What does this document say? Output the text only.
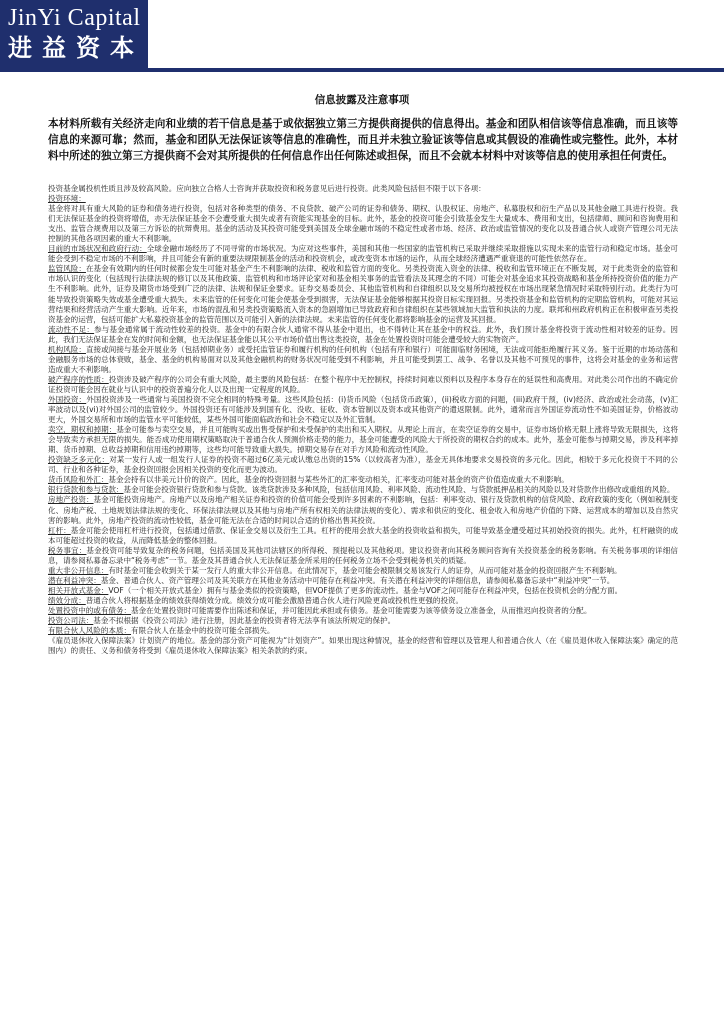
JinYi Capital
进益资本
信息披露及注意事项
本材料所载有关经济走向和业绩的若干信息是基于或依据独立第三方提供商提供的信息得出。基金和团队相信该等信息准确，而且该等信息的来源可靠；然而，基金和团队无法保证该等信息的准确性，而且并未独立验证该等信息或其假设的准确性或完整性。此外，本材料中所述的独立第三方提供商不会对其所提供的任何信息作出任何陈述或担保，而且不会就本材料中对该等信息的使用承担任何责任。

投资基金属投机性质且涉及较高风险。应向独立合格人士咨询并获取投资和税务意见后进行投资。此类风险包括但不限于以下各项：

投资环境：

基金将对具有重大风险的证券和债务进行投资，包括对各种类型的债务、不良贷款、破产公司的证券和债务、期权、认股权证、房地产、私募股权和衍生产品以及其他金融工具进行投资。我们无法保证基金的投资将增值，亦无法保证基金不会遭受重大损失或者有资能实现基金的目标。此外，基金的投资可能会引致基金发生大量成本、费用和支出，包括律师、顾问和咨询费用和支出、监管合规费用以及第三方诉讼的抗辩费用。基金的活动及其投资可能受到美国及全球金融市场的不稳定性或者市场、经济、政治或监管情况的变化以及普通合伙人或资产管理公司无法控制的其他各项因素的重大不利影响。

目前的市场状况和政府行动：全球金融市场经历了不同寻常的市场状况。为应对这些事件，美国和其他一些国家的监管机构已采取并继续采取措施以实现未来的监管行动和稳定市场。基金可能会受到不稳定市场的不利影响，并且可能会有新的重要法规限制基金的活动和投资机会，或改变资本市场的运作，从而全球经济遭遇严重衰退的可能性依然存在。

监管风险：在基金有效期内的任何时候都会发生可能对基金产生不利影响的法律、税收和监管方面的变化。另类投资流入资金的法律、税收和监管环境正在不断发展，对于此类资金的监管和市场认识的变化（包括现行法律法规的修订以及其他政策、监管机构和市场评论家对和基金相关事务的监管看法及其理念的不同）可能会对基金追求其投资战略和基金所持投资价值的能力产生不利影响。此外，证券及期货市场受到广泛的法律、法规和保证金要求。证券交易委员会、其他监管机构和自律组织以及交易所均被授权在市场出现紧急情况时采取特别行动。此类行为可能导致投资策略失效或基金遭受重大损失。未来监管的任何变化可能会使基金受到损害，无法保证基金能够根据其投资目标实现回报。另类投资基金和监管机构的定期监管机构，可能对其运营结果和经营活动产生重大影响。近年来，市场的混乱和另类投资策略流入资本的急剧增加已导致政府和自律组织在某些领域加大监管和执法的力度。联邦和州政府机构正在积极审查另类投资基金的运营，包括可能扩大私募投资基金的监管范围以及可能引入新的法律法规。未来监管的任何变化都将影响基金的运营及其回报。

流动性不足：参与基金通常属于流动性较差的投资。基金中的有限合伙人通常不得从基金中退出，也不得转让其在基金中的权益。此外，我们预计基金将投资于流动性相对较差的证券。因此，我们无法保证基金在发的时间和金额，也无法保证基金能以其公平市场价值出售这类投资，基金在处置投资时可能会遭受较大的实物资产。

机构风险：直接或间接与基金开展业务（包括掉期业务）或受托监管证券和履行机构的任何机构（包括有序和银行）可能面临财务困境，无法或可能拒绝履行其义务。鉴于近期的市场动荡和金融服务市场的总体衰败，基金、基金的机构易面对以及其他金融机构的财务状况可能受到不利影响，并且可能受到罢工、战争、名誉以及其他不可预见的事件，这将会对基金的业务和运营造成重大不利影响。

破产程序的性质：投资涉及破产程序的公司会有重大风险，最主要的风险包括：在整个程序中无控制权，持续时间难以预料以及程序本身存在的延误性和高费用。对此类公司作出的不确定价证投资可能会因在就业与认识中的投资普遍分化人以及出现一定程度的风险。

外国投资：外国投资涉及一些通常与美国投资不完全相同的特殊考量。这些风险包括：(i)货币风险（包括货币政策），(ii)税收方面的问题，(iii)政府干预，(iv)经济、政治或社会动荡，(v)汇率波动以及(vi)对外国公司的监管较少。外国投资还有可能涉及到国有化、没收、征收、资本管制以及资本或其他资产的遣返限制。此外，通常而言外国证券流动性不如美国证券，价格波动更大，外国交易所和市场的监管水平可能较低，某些外国可能面临政治和社会不稳定以及外汇管制。

卖空，期权和掉期：基金可能参与卖空交易，并且可能购买或出售受保护和未受保护的卖出和买入期权。从理论上而言，在卖空证券的交易中，证券市场价格无限上涨将导致无限损失，这将会导致卖方承担无限的损失。能否成功使用期权策略取决于普通合伙人预测价格走势的能力，基金可能遭受的风险大于所投资的期权合约的成本。此外，基金可能参与掉期交易，涉及利率掉期、货币掉期、总收益掉期和信用违约掉期等，这些均可能导致重大损失。掉期交易存在对手方风险和流动性风险。

投资缺乏多元化：对某一发行人或一组发行人证券的投资不超过6亿美元或认缴总出资的15%（以较高者为准），基金无具体地要求交易投资的多元化。因此，相较于多元化投资于不同的公司、行业和各种证券，基金投资回报会因相关投资的变化而更为波动。

货币风险和外汇：基金会持有以非美元计价的资产。因此，基金的投资回报与某些外汇的汇率变动相关，汇率变动可能对基金的资产价值造成重大不利影响。

银行贷款和参与贷款：基金可能会投资银行贷款和参与贷款。该类贷款涉及多种风险，包括信用风险、利率风险、流动性风险、与贷款抵押品相关的风险以及对贷款作出修改或重组的风险。

房地产投资：基金可能投资房地产。房地产以及房地产相关证券和投资的价值可能会受到许多因素的不利影响，包括：利率变动、银行及贷款机构的信贷风险、政府政策的变化（例如税制变化、房地产税、土地规划法律法规的变化、环保法律法规以及其他与房地产所有权相关的法律法规的变化）、需求和供应的变化、租金收入和房地产价值的下降、运营成本的增加以及自然灾害的影响。此外，房地产投资的流动性较低，基金可能无法在合适的时间以合适的价格出售其投资。

杠杆：基金可能会使用杠杆进行投资，包括通过借款、保证金交易以及衍生工具。杠杆的使用会放大基金的投资收益和损失，可能导致基金遭受超过其初始投资的损失。此外，杠杆融资的成本可能超过投资的收益，从而降低基金的整体回报。

税务事宜：基金投资可能导致复杂的税务问题，包括美国及其他司法辖区的所得税、预提税以及其他税项。建议投资者向其税务顾问咨询有关投资基金的税务影响。有关税务事项的详细信息，请参阅私募备忘录中“税务考虑”一节。基金及其普通合伙人无法保证基金所采用的任何税务立场不会受到税务机关的质疑。

重大非公开信息：有时基金可能会收到关于某一发行人的重大非公开信息。在此情况下，基金可能会被限制交易该发行人的证券，从而可能对基金的投资回报产生不利影响。

潜在利益冲突：基金、普通合伙人、资产管理公司及其关联方在其他业务活动中可能存在利益冲突。有关潜在利益冲突的详细信息，请参阅私募备忘录中“利益冲突”一节。

相关开放式基金：VOF（一个相关开放式基金）拥有与基金类似的投资策略，但VOF提供了更多的流动性。基金与VOF之间可能存在利益冲突，包括在投资机会的分配方面。

绩效分成：普通合伙人将根据基金的绩效获得绩效分成。绩效分成可能会激励普通合伙人进行风险更高或投机性更强的投资。

处置投资中的或有债务：基金在处置投资时可能需要作出陈述和保证，并可能因此承担或有债务。基金可能需要为该等债务设立准备金，从而推迟向投资者的分配。

投资公司法：基金不拟根据《投资公司法》进行注册，因此基金的投资者将无法享有该法所规定的保护。

有限合伙人风险的本质：有限合伙人在基金中的投资可能全部损失。

《雇员退休收入保障法案》计划资产的地位。基金的部分资产可能视为“计划资产”。如果出现这种情况，基金的经营和管理以及管理人和普通合伙人（在《雇员退休收入保障法案》确定的范围内）的责任、义务和债务将受到《雇员退休收入保障法案》相关条款的约束。
